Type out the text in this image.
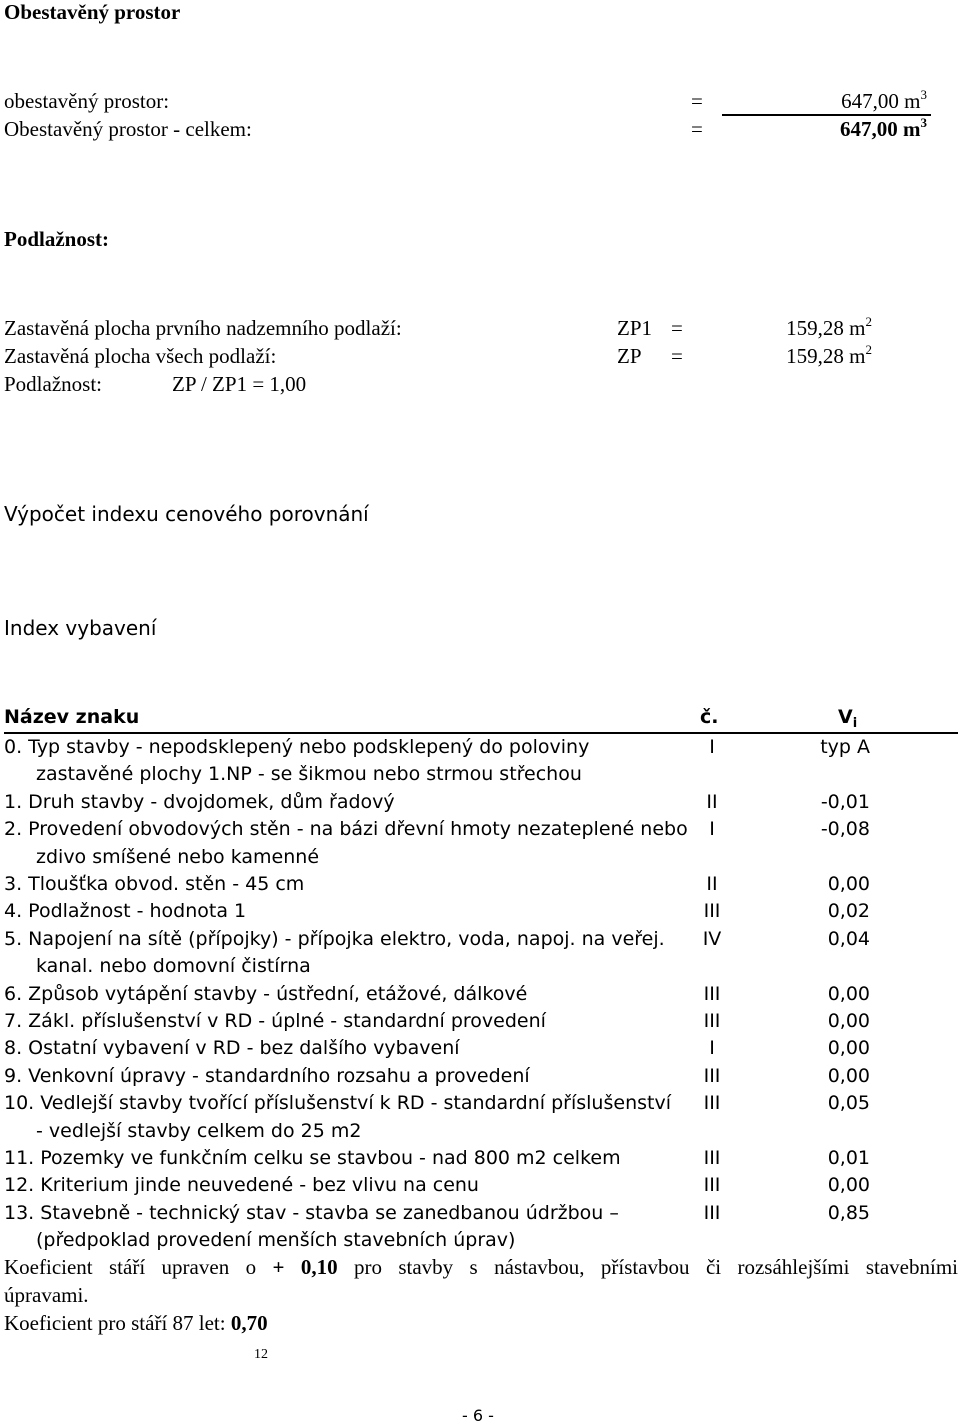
Obestavěný prostor
obestavěný prostor:	=	647,00 $m^3$
Obestavěný prostor - celkem:	=	647,00 $m^3$
Podlažnost:
Zastavěná plocha prvního nadzemního podlaží:	ZP1 =	159,28 $m^2$
Zastavěná plocha všech podlaží:	ZP =	159,28 $m^2$
Podlažnost:	ZP / ZP1 = 1,00
Výpočet indexu cenového porovnání
Index vybavení
Název znaku	č.	$V_i$
0. Typ stavby - nepodsklepený nebo podsklepený do poloviny	I	typ A
zastavěné plochy 1.NP - se šikmou nebo strmou střechou
1. Druh stavby - dvojdomek, dům řadový	II	-0,01
2. Provedení obvodových stěn - na bázi dřevní hmoty nezateplené nebo	I	-0,08
zdivo smíšené nebo kamenné
3. Tloušťka obvod. stěn - 45 cm	II	0,00
4. Podlažnost - hodnota 1	III	0,02
5. Napojení na sítě (přípojky) - přípojka elektro, voda, napoj. na veřej.	IV	0,04
kanal. nebo domovní čistírna
6. Způsob vytápění stavby - ústřední, etážové, dálkové	III	0,00
7. Zákl. příslušenství v RD - úplné - standardní provedení	III	0,00
8. Ostatní vybavení v RD - bez dalšího vybavení	I	0,00
9. Venkovní úpravy - standardního rozsahu a provedení	III	0,00
10. Vedlejší stavby tvořící příslušenství k RD - standardní příslušenství	III	0,05
- vedlejší stavby celkem do 25 m2
11. Pozemky ve funkčním celku se stavbou - nad 800 m2 celkem	III	0,01
12. Kriterium jinde neuvedené - bez vlivu na cenu	III	0,00
13. Stavebně - technický stav - stavba se zanedbanou údržbou –	III	0,85
(předpoklad provedení menších stavebních úprav)
Koeficient stáří upraven o + 0,10 pro stavby s nástavbou, přístavbou či rozsáhlejšími stavebními
úpravami.
Koeficient pro stáří 87 let: 0,70
12
- 6 -
